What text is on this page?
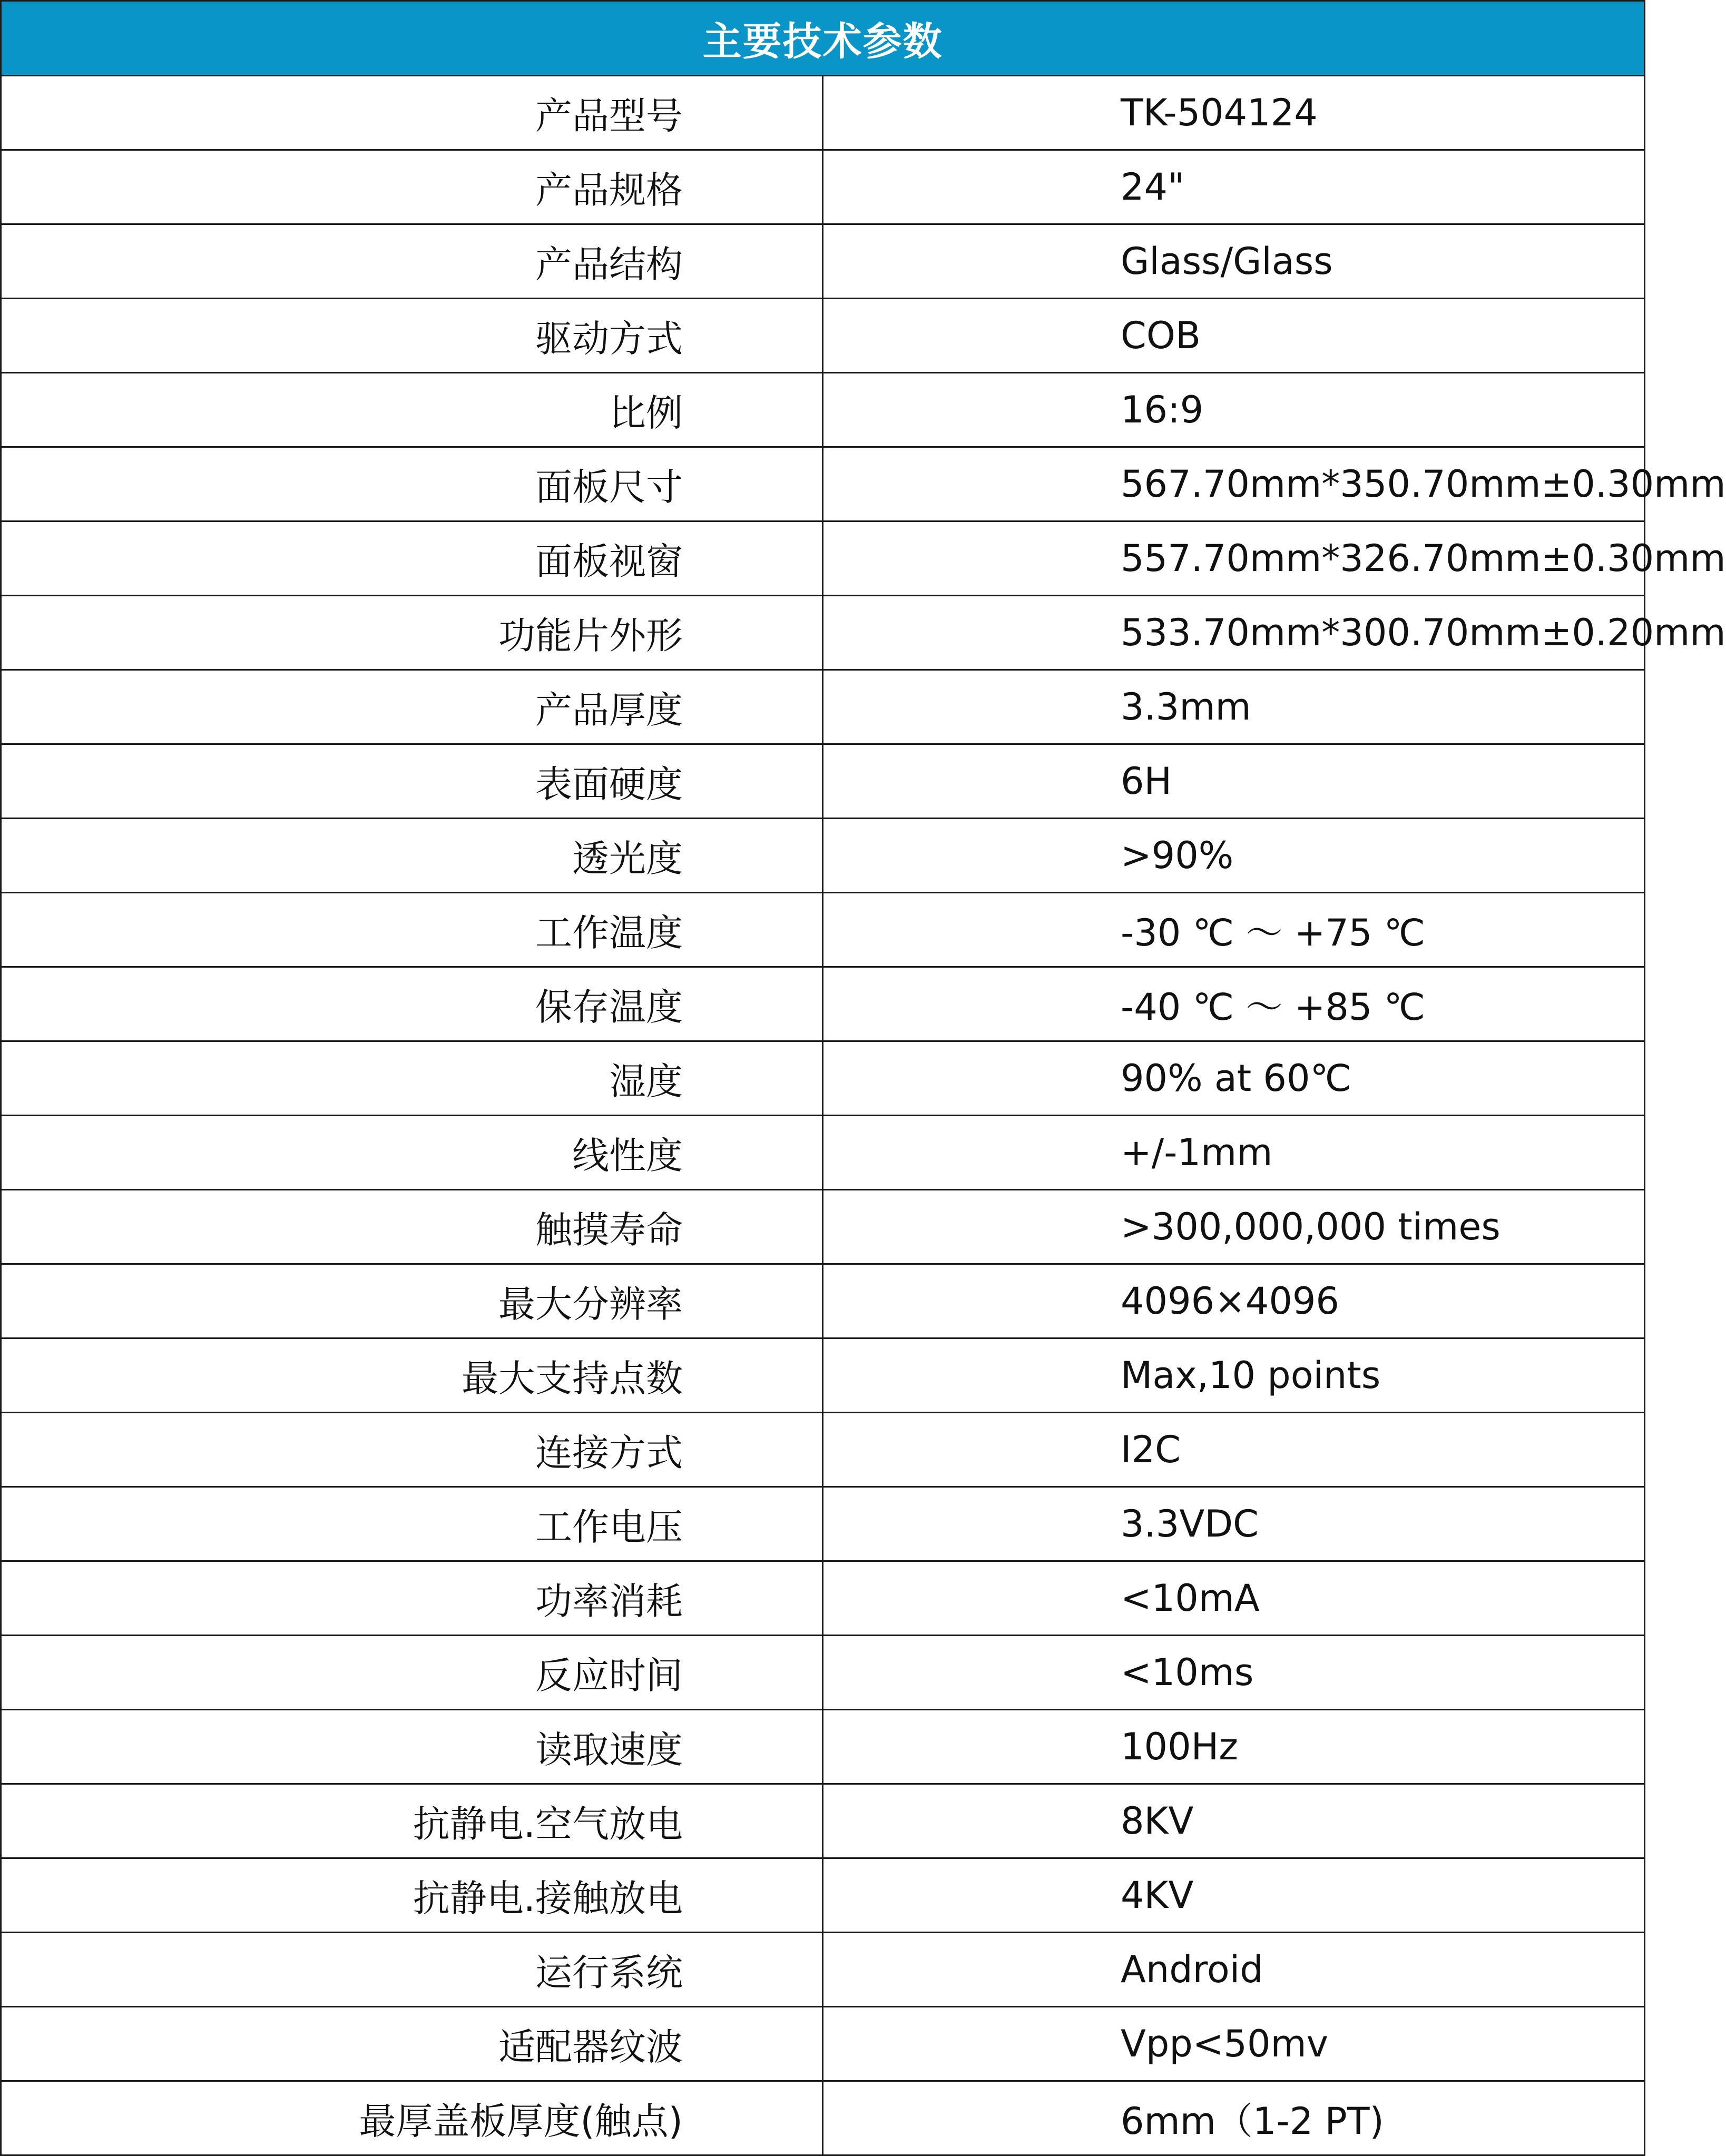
主要技术参数	
产品型号	TK-504124
产品规格	24"
产品结构	Glass/Glass
驱动方式	COB
比例	16:9
面板尺寸	567.70mm*350.70mm±0.30mm
面板视窗	557.70mm*326.70mm±0.30mm
功能片外形	533.70mm*300.70mm±0.20mm
产品厚度	3.3mm
表面硬度	6H
透光度	>90%
工作温度	-30 ℃ ～ +75 ℃
保存温度	-40 ℃ ～ +85 ℃
湿度	90% at 60℃
线性度	+/-1mm
触摸寿命	>300,000,000 times
最大分辨率	4096×4096
最大支持点数	Max,10 points
连接方式	I2C
工作电压	3.3VDC
功率消耗	<10mA
反应时间	<10ms
读取速度	100Hz
抗静电.空气放电	8KV
抗静电.接触放电	4KV
运行系统	Android
适配器纹波	Vpp<50mv
最厚盖板厚度(触点)	6mm（1-2 PT)
